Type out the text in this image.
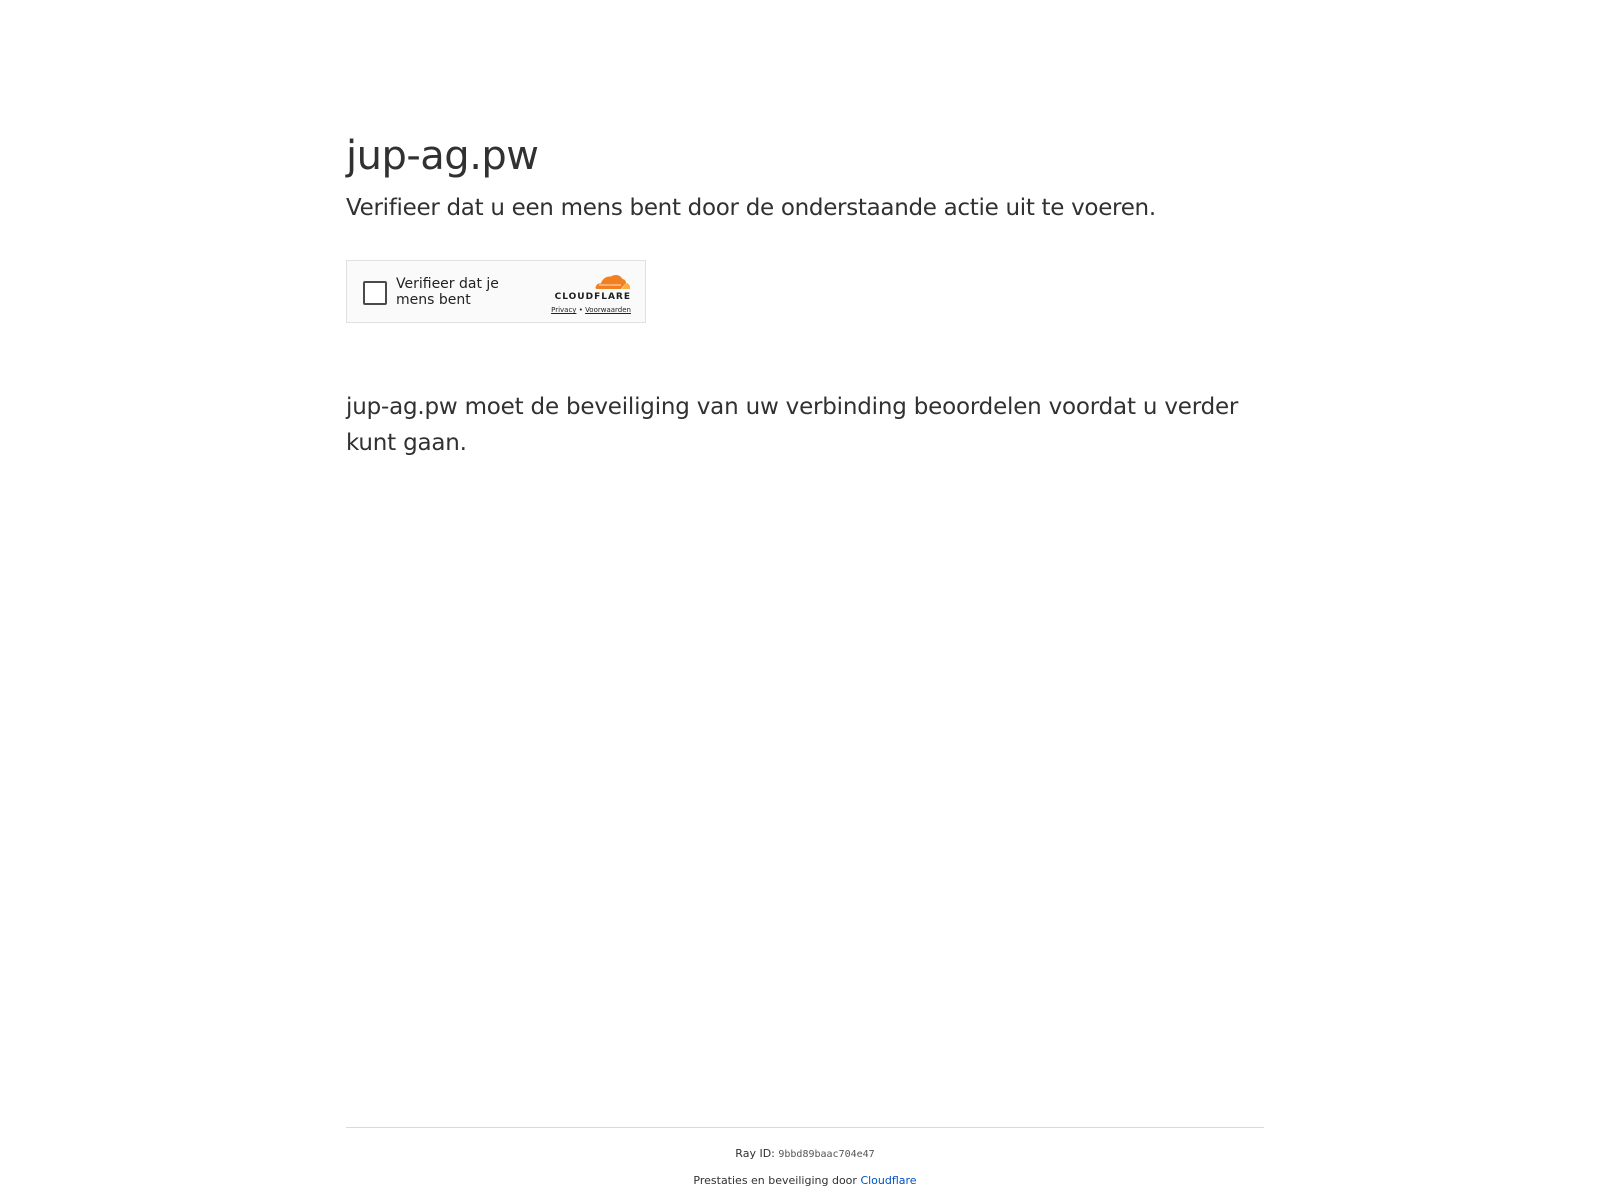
jup-ag.pw

Verifieer dat u een mens bent door de onderstaande actie uit te voeren.

Verifieer dat je mens bent	CLOUDFLARE
Privacy • Voorwaarden
jup-ag.pw moet de beveiliging van uw verbinding beoordelen voordat u verder kunt gaan.
Ray ID: 9bbd89baac704e47
Prestaties en beveiliging door Cloudflare
